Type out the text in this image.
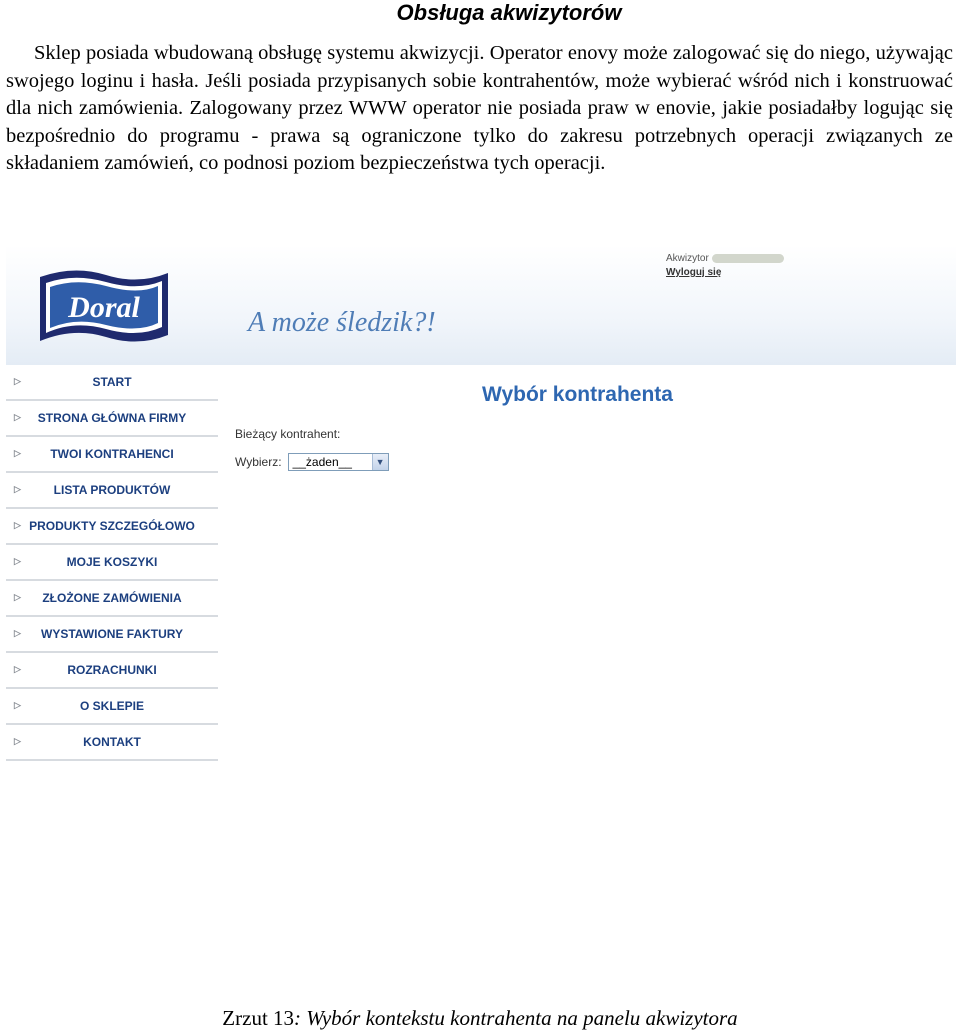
Obsługa akwizytorów

Sklep posiada wbudowaną obsługę systemu akwizycji. Operator enovy może zalogować się do niego, używając swojego loginu i hasła. Jeśli posiada przypisanych sobie kontrahentów, może wybierać wśród nich i konstruować dla nich zamówienia. Zalogowany przez WWW operator nie posiada praw w enovie, jakie posiadałby logując się bezpośrednio do programu - prawa są ograniczone tylko do zakresu potrzebnych operacji związanych ze składaniem zamówień, co podnosi poziom bezpieczeństwa tych operacji.

Doral	A może śledzik?!
Akwizytor
Wyloguj się
▷	START
▷ STRONA GŁÓWNA FIRMY
▷ TWOI KONTRAHENCI
▷	LISTA PRODUKTÓW
▷ PRODUKTY SZCZEGÓŁOWO
▷	MOJE KOSZYKI
▷ ZŁOŻONE ZAMÓWIENIA
▷ WYSTAWIONE FAKTURY
▷	ROZRACHUNKI
▷	O SKLEPIE
▷	KONTAKT
Wybór kontrahenta
Bieżący kontrahent:
Wybierz: __żaden__	▼
Zrzut 13: Wybór kontekstu kontrahenta na panelu akwizytora
